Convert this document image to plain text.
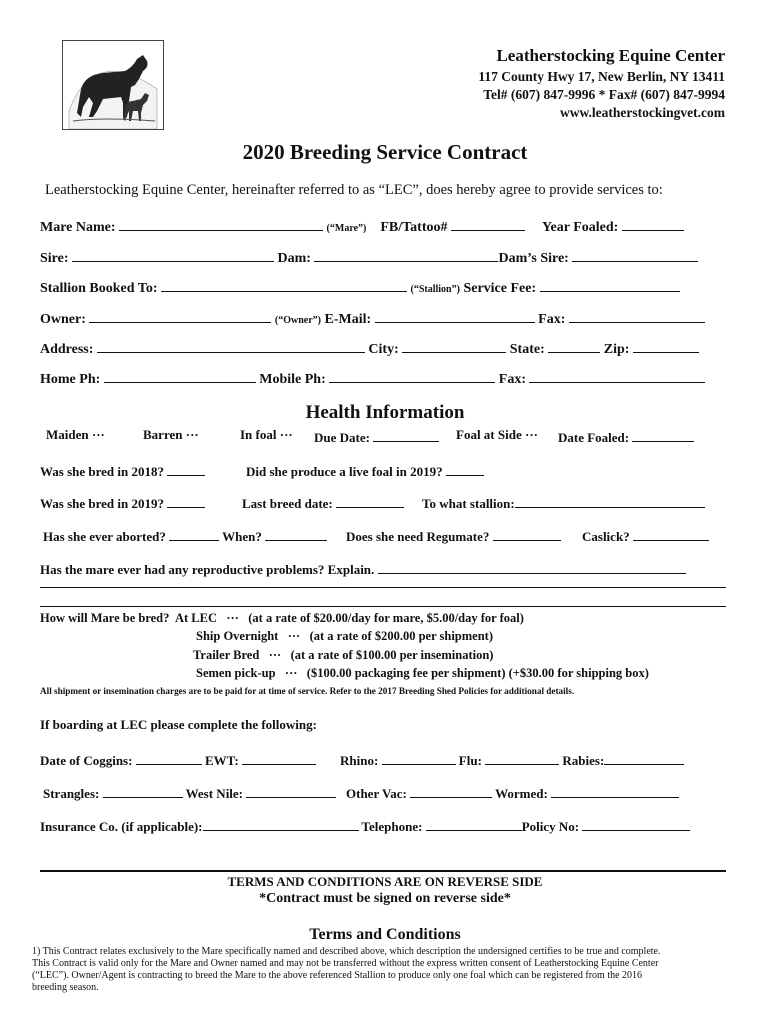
Leatherstocking Equine Center
117 County Hwy 17, New Berlin, NY 13411
Tel# (607) 847-9996 * Fax# (607) 847-9994
www.leatherstockingvet.com
2020 Breeding Service Contract
Leatherstocking Equine Center, hereinafter referred to as “LEC”, does hereby agree to provide services to:
Mare Name:	(“Mare”) FB/Tattoo#	Year Foaled:
Sire:	Dam:	Dam’s Sire:
Stallion Booked To:	(“Stallion”) Service Fee:
Owner:	(“Owner”) E-Mail:	Fax:
Address:	City:	State:	Zip:
Home Ph:	Mobile Ph:	Fax:
Health Information
Maiden ···	Barren ···	In foal ··· Due Date:	Foal at Side ··· Date Foaled:
Was she bred in 2018?	Did she produce a live foal in 2019?
Was she bred in 2019?	Last breed date:	To what stallion:
Has she ever aborted?	When?	Does she need Regumate?	Caslick?
Has the mare ever had any reproductive problems? Explain.
How will Mare be bred? At LEC ··· (at a rate of $20.00/day for mare, $5.00/day for foal)
Ship Overnight ··· (at a rate of $200.00 per shipment)
Trailer Bred ··· (at a rate of $100.00 per insemination)
Semen pick-up ··· ($100.00 packaging fee per shipment) (+$30.00 for shipping box)
All shipment or insemination charges are to be paid for at time of service. Refer to the 2017 Breeding Shed Policies for additional details.
If boarding at LEC please complete the following:
Date of Coggins:	EWT:	Rhino:	Flu:	Rabies:
Strangles:	West Nile:	Other Vac:	Wormed:
Insurance Co. (if applicable):	Telephone:	Policy No:
TERMS AND CONDITIONS ARE ON REVERSE SIDE
*Contract must be signed on reverse side*
Terms and Conditions
1) This Contract relates exclusively to the Mare specifically named and described above, which description the undersigned certifies to be true and complete.
This Contract is valid only for the Mare and Owner named and may not be transferred without the express written consent of Leatherstocking Equine Center
(“LEC”). Owner/Agent is contracting to breed the Mare to the above referenced Stallion to produce only one foal which can be registered from the 2016
breeding season.
